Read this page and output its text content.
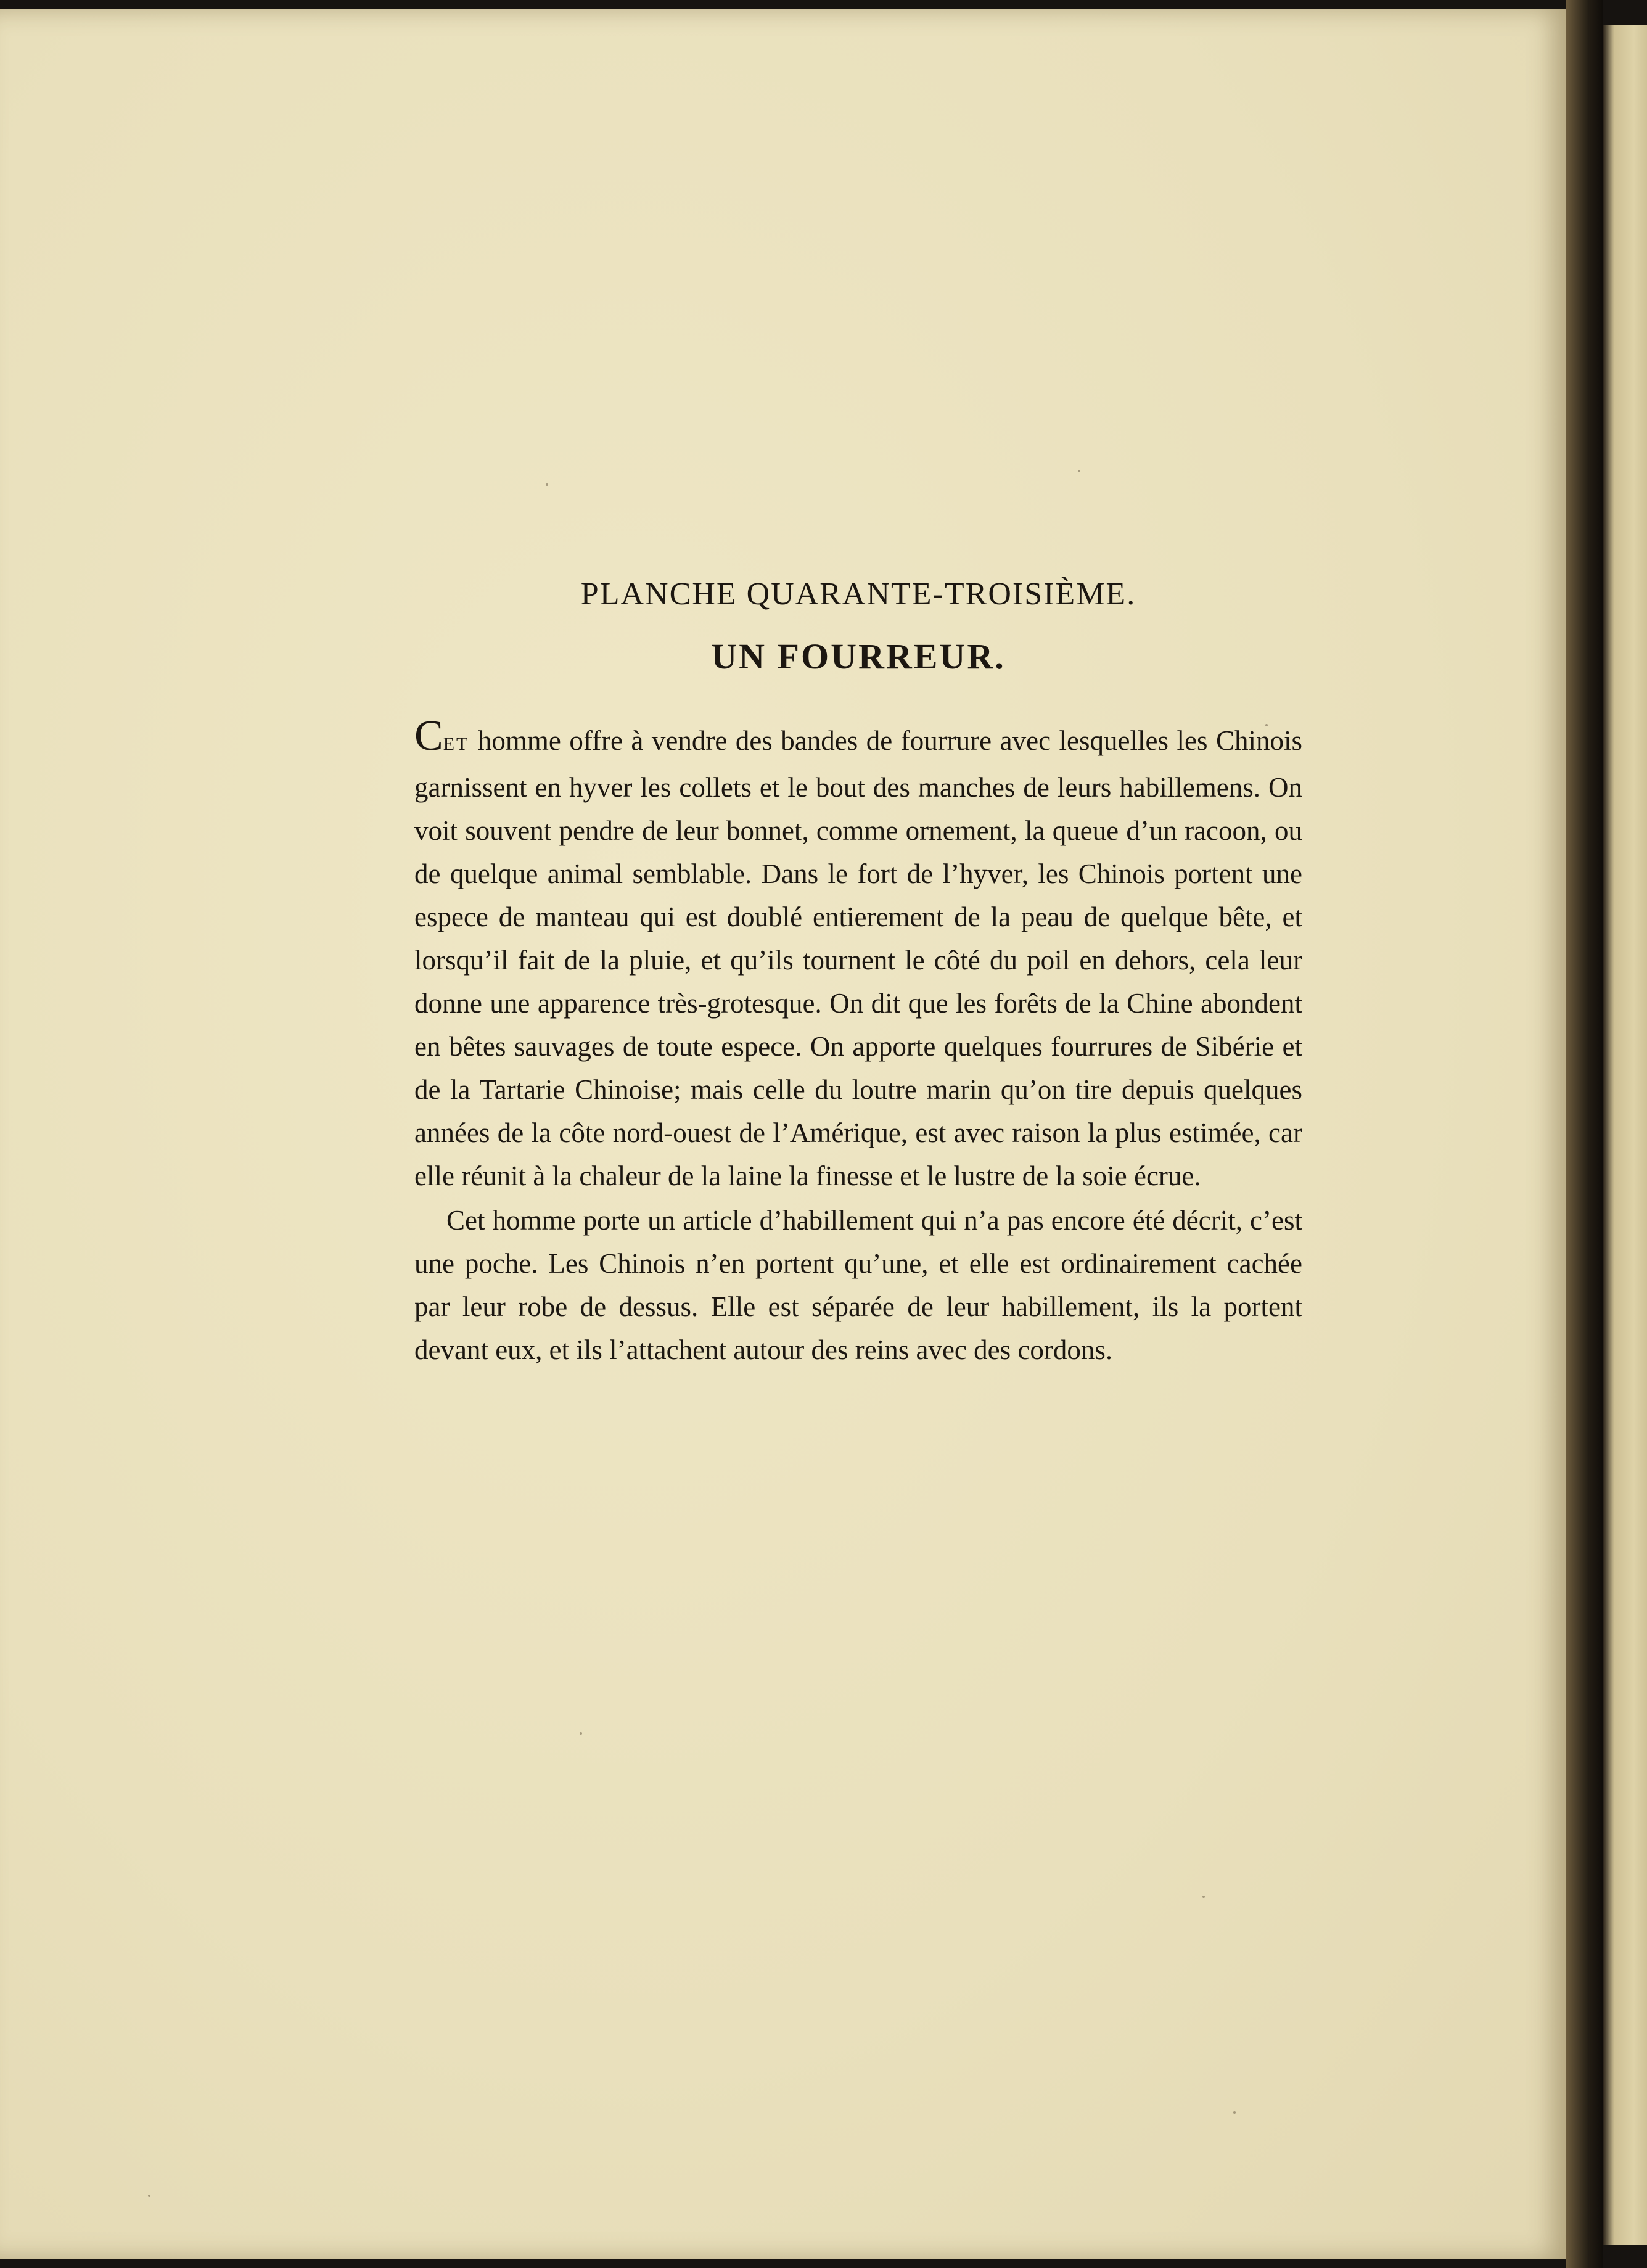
PLANCHE QUARANTE-TROISIÈME.
UN FOURREUR.

CET homme offre à vendre des bandes de fourrure avec lesquelles les Chinois garnissent en hyver les collets et le bout des manches de leurs habillemens. On voit souvent pendre de leur bonnet, comme ornement, la queue d’un racoon, ou de quelque animal semblable. Dans le fort de l’hyver, les Chinois portent une espece de manteau qui est doublé entierement de la peau de quelque bête, et lorsqu’il fait de la pluie, et qu’ils tournent le côté du poil en dehors, cela leur donne une apparence très-grotesque. On dit que les forêts de la Chine abondent en bêtes sauvages de toute espece. On apporte quelques fourrures de Sibérie et de la Tartarie Chinoise; mais celle du loutre marin qu’on tire depuis quelques années de la côte nord-ouest de l’Amérique, est avec raison la plus estimée, car elle réunit à la chaleur de la laine la finesse et le lustre de la soie écrue.

Cet homme porte un article d’habillement qui n’a pas encore été décrit, c’est une poche. Les Chinois n’en portent qu’une, et elle est ordinairement cachée par leur robe de dessus. Elle est séparée de leur habillement, ils la portent devant eux, et ils l’attachent autour des reins avec des cordons.
